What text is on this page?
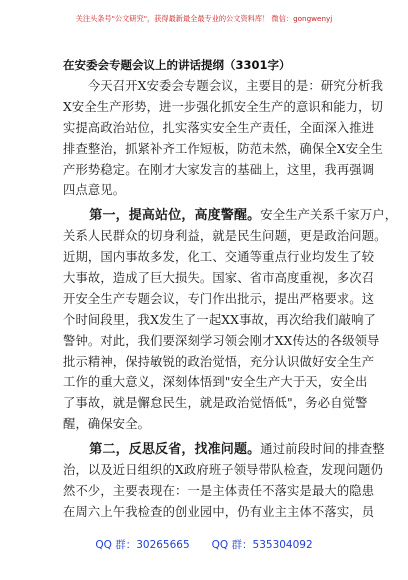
关注头条号"公文研究"，获得最新最全最专业的公文资料库！ 微信：gongwenyj
在安委会专题会议上的讲话提纲（3301字）
　　今天召开X安委会专题会议，主要目的是：研究分析我
X安全生产形势，进一步强化抓安全生产的意识和能力，切
实提高政治站位，扎实落实安全生产责任，全面深入推进
排查整治，抓紧补齐工作短板，防范未然，确保全X安全生
产形势稳定。在刚才大家发言的基础上，这里，我再强调
四点意见。
　　第一，提高站位，高度警醒。安全生产关系千家万户，
关系人民群众的切身利益，就是民生问题，更是政治问题。
近期，国内事故多发，化工、交通等重点行业均发生了较
大事故，造成了巨大损失。国家、省市高度重视，多次召
开安全生产专题会议，专门作出批示，提出严格要求。这
个时间段里，我X发生了一起XX事故，再次给我们敲响了
警钟。对此，我们要深刻学习领会刚才XX传达的各级领导
批示精神，保持敏锐的政治觉悟，充分认识做好安全生产
工作的重大意义，深刻体悟到"安全生产大于天，安全出
了事故，就是懈怠民生，就是政治觉悟低"，务必自觉警
醒，确保安全。
　　第二，反思反省，找准问题。通过前段时间的排查整
治，以及近日组织的X政府班子领导带队检查，发现问题仍
然不少，主要表现在：一是主体责任不落实是最大的隐患
在周六上午我检查的创业园中，仍有业主主体不落实，员
QQ 群：30265665 QQ 群：535304092
